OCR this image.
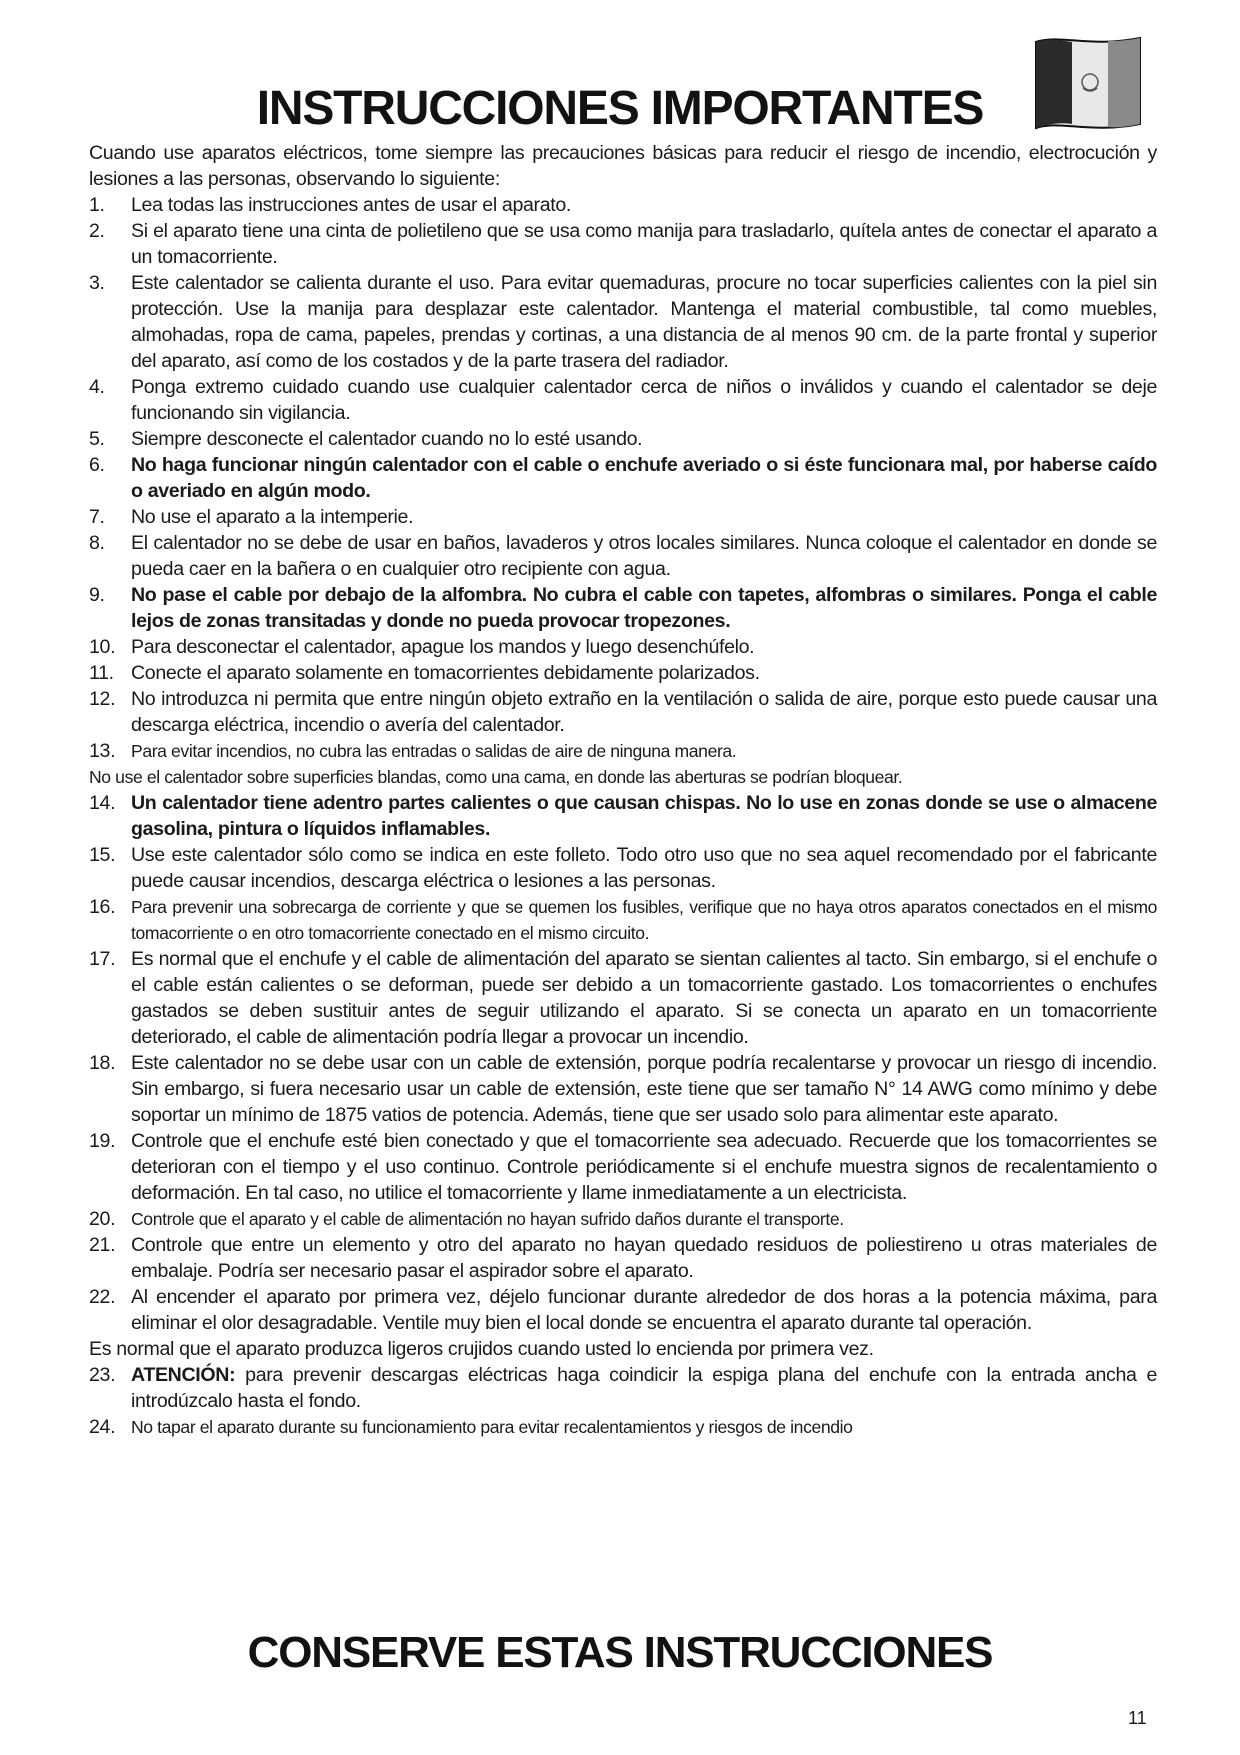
INSTRUCCIONES IMPORTANTES

Cuando use aparatos eléctricos, tome siempre las precauciones básicas para reducir el riesgo de incendio, electrocución y lesiones a las personas, observando lo siguiente:

1.	Lea todas las instrucciones antes de usar el aparato.
2.	Si el aparato tiene una cinta de polietileno que se usa como manija para trasladarlo, quítela antes de conectar el aparato a un tomacorriente.
3.	Este calentador se calienta durante el uso. Para evitar quemaduras, procure no tocar superficies calientes con la piel sin protección. Use la manija para desplazar este calentador. Mantenga el material combustible, tal como muebles, almohadas, ropa de cama, papeles, prendas y cortinas, a una distancia de al menos 90 cm. de la parte frontal y superior del aparato, así como de los costados y de la parte trasera del radiador.
4.	Ponga extremo cuidado cuando use cualquier calentador cerca de niños o inválidos y cuando el calentador se deje funcionando sin vigilancia.
5.	Siempre desconecte el calentador cuando no lo esté usando.
6.	No haga funcionar ningún calentador con el cable o enchufe averiado o si éste funcionara mal, por haberse caído o averiado en algún modo.
7.	No use el aparato a la intemperie.
8.	El calentador no se debe de usar en baños, lavaderos y otros locales similares. Nunca coloque el calentador en donde se pueda caer en la bañera o en cualquier otro recipiente con agua.
9.	No pase el cable por debajo de la alfombra. No cubra el cable con tapetes, alfombras o similares. Ponga el cable lejos de zonas transitadas y donde no pueda provocar tropezones.
10. Para desconectar el calentador, apague los mandos y luego desenchúfelo.
11. Conecte el aparato solamente en tomacorrientes debidamente polarizados.
12. No introduzca ni permita que entre ningún objeto extraño en la ventilación o salida de aire, porque esto puede causar una descarga eléctrica, incendio o avería del calentador.
13. Para evitar incendios, no cubra las entradas o salidas de aire de ninguna manera.

No use el calentador sobre superficies blandas, como una cama, en donde las aberturas se podrían bloquear.

14. Un calentador tiene adentro partes calientes o que causan chispas. No lo use en zonas donde se use o almacene gasolina, pintura o líquidos inflamables.
15. Use este calentador sólo como se indica en este folleto. Todo otro uso que no sea aquel recomendado por el fabricante puede causar incendios, descarga eléctrica o lesiones a las personas.
16. Para prevenir una sobrecarga de corriente y que se quemen los fusibles, verifique que no haya otros aparatos conectados en el mismo tomacorriente o en otro tomacorriente conectado en el mismo circuito.
17. Es normal que el enchufe y el cable de alimentación del aparato se sientan calientes al tacto. Sin embargo, si el enchufe o el cable están calientes o se deforman, puede ser debido a un tomacorriente gastado. Los tomacorrientes o enchufes gastados se deben sustituir antes de seguir utilizando el aparato. Si se conecta un aparato en un tomacorriente deteriorado, el cable de alimentación podría llegar a provocar un incendio.
18. Este calentador no se debe usar con un cable de extensión, porque podría recalentarse y provocar un riesgo di incendio. Sin embargo, si fuera necesario usar un cable de extensión, este tiene que ser tamaño N° 14 AWG como mínimo y debe soportar un mínimo de 1875 vatios de potencia. Además, tiene que ser usado solo para alimentar este aparato.
19. Controle que el enchufe esté bien conectado y que el tomacorriente sea adecuado. Recuerde que los tomacorrientes se deterioran con el tiempo y el uso continuo. Controle periódicamente si el enchufe muestra signos de recalentamiento o deformación. En tal caso, no utilice el tomacorriente y llame inmediatamente a un electricista.
20. Controle que el aparato y el cable de alimentación no hayan sufrido daños durante el transporte.
21. Controle que entre un elemento y otro del aparato no hayan quedado residuos de poliestireno u otras materiales de embalaje. Podría ser necesario pasar el aspirador sobre el aparato.
22. Al encender el aparato por primera vez, déjelo funcionar durante alrededor de dos horas a la potencia máxima, para eliminar el olor desagradable. Ventile muy bien el local donde se encuentra el aparato durante tal operación.

Es normal que el aparato produzca ligeros crujidos cuando usted lo encienda por primera vez.

23. ATENCIÓN: para prevenir descargas eléctricas haga coindicir la espiga plana del enchufe con la entrada ancha e introdúzcalo hasta el fondo.
24. No tapar el aparato durante su funcionamiento para evitar recalentamientos y riesgos de incendio
CONSERVE ESTAS INSTRUCCIONES
11
